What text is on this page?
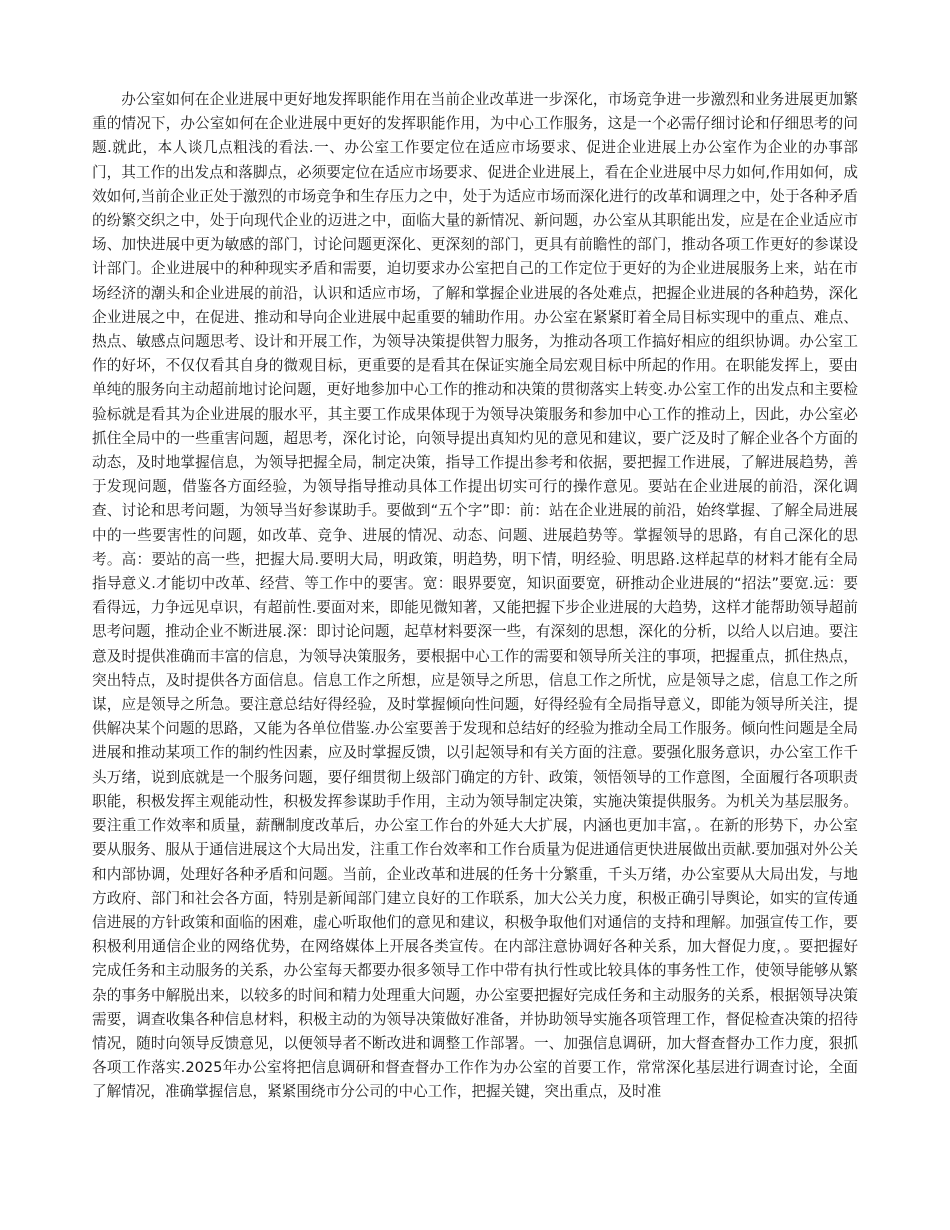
办公室如何在企业进展中更好地发挥职能作用在当前企业改革进一步深化，市场竞争进一步激烈和业务进展更加繁重的情况下，办公室如何在企业进展中更好的发挥职能作用，为中心工作服务，这是一个必需仔细讨论和仔细思考的问题.就此，本人谈几点粗浅的看法.一、办公室工作要定位在适应市场要求、促进企业进展上办公室作为企业的办事部门，其工作的出发点和落脚点，必须要定位在适应市场要求、促进企业进展上，看在企业进展中尽力如何,作用如何，成效如何,当前企业正处于激烈的市场竞争和生存压力之中，处于为适应市场而深化进行的改革和调理之中，处于各种矛盾的纷繁交织之中，处于向现代企业的迈进之中，面临大量的新情况、新问题，办公室从其职能出发，应是在企业适应市场、加快进展中更为敏感的部门，讨论问题更深化、更深刻的部门，更具有前瞻性的部门，推动各项工作更好的参谋设计部门。企业进展中的种种现实矛盾和需要，迫切要求办公室把自己的工作定位于更好的为企业进展服务上来，站在市场经济的潮头和企业进展的前沿，认识和适应市场，了解和掌握企业进展的各处难点，把握企业进展的各种趋势，深化企业进展之中，在促进、推动和导向企业进展中起重要的辅助作用。办公室在紧紧盯着全局目标实现中的重点、难点、热点、敏感点问题思考、设计和开展工作，为领导决策提供智力服务，为推动各项工作搞好相应的组织协调。办公室工作的好坏，不仅仅看其自身的微观目标，更重要的是看其在保证实施全局宏观目标中所起的作用。在职能发挥上，要由单纯的服务向主动超前地讨论问题，更好地参加中心工作的推动和决策的贯彻落实上转变.办公室工作的出发点和主要检验标就是看其为企业进展的服水平，其主要工作成果体现于为领导决策服务和参加中心工作的推动上，因此，办公室必抓住全局中的一些重害问题，超思考，深化讨论，向领导提出真知灼见的意见和建议，要广泛及时了解企业各个方面的动态，及时地掌握信息，为领导把握全局，制定决策，指导工作提出参考和依据，要把握工作进展，了解进展趋势，善于发现问题，借鉴各方面经验，为领导指导推动具体工作提出切实可行的操作意见。要站在企业进展的前沿，深化调查、讨论和思考问题，为领导当好参谋助手。要做到“五个字”即：前：站在企业进展的前沿，始终掌握、了解全局进展中的一些要害性的问题，如改革、竞争、进展的情况、动态、问题、进展趋势等。掌握领导的思路，有自己深化的思考。高：要站的高一些，把握大局.要明大局，明政策，明趋势，明下情，明经验、明思路.这样起草的材料才能有全局指导意义.才能切中改革、经营、等工作中的要害。宽：眼界要宽，知识面要宽，研推动企业进展的“招法”要宽.远：要看得远，力争远见卓识，有超前性.要面对来，即能见微知著，又能把握下步企业进展的大趋势，这样才能帮助领导超前思考问题，推动企业不断进展.深：即讨论问题，起草材料要深一些，有深刻的思想，深化的分析，以给人以启迪。要注意及时提供准确而丰富的信息，为领导决策服务，要根据中心工作的需要和领导所关注的事项，把握重点，抓住热点，突出特点，及时提供各方面信息。信息工作之所想，应是领导之所思，信息工作之所忧，应是领导之虑，信息工作之所谋，应是领导之所急。要注意总结好得经验，及时掌握倾向性问题，好得经验有全局指导意义，即能为领导所关注，提供解决某个问题的思路，又能为各单位借鉴.办公室要善于发现和总结好的经验为推动全局工作服务。倾向性问题是全局进展和推动某项工作的制约性因素，应及时掌握反馈，以引起领导和有关方面的注意。要强化服务意识，办公室工作千头万绪，说到底就是一个服务问题，要仔细贯彻上级部门确定的方针、政策，领悟领导的工作意图，全面履行各项职责职能，积极发挥主观能动性，积极发挥参谋助手作用，主动为领导制定决策，实施决策提供服务。为机关为基层服务。要注重工作效率和质量，薪酬制度改革后，办公室工作台的外延大大扩展，内涵也更加丰富，。在新的形势下，办公室要从服务、服从于通信进展这个大局出发，注重工作台效率和工作台质量为促进通信更快进展做出贡献.要加强对外公关和内部协调，处理好各种矛盾和问题。当前，企业改革和进展的任务十分繁重，千头万绪，办公室要从大局出发，与地方政府、部门和社会各方面，特别是新闻部门建立良好的工作联系，加大公关力度，积极正确引导舆论，如实的宣传通信进展的方针政策和面临的困难，虚心听取他们的意见和建议，积极争取他们对通信的支持和理解。加强宣传工作，要积极利用通信企业的网络优势，在网络媒体上开展各类宣传。在内部注意协调好各种关系，加大督促力度，。要把握好完成任务和主动服务的关系，办公室每天都要办很多领导工作中带有执行性或比较具体的事务性工作，使领导能够从繁杂的事务中解脱出来，以较多的时间和精力处理重大问题，办公室要把握好完成任务和主动服务的关系，根据领导决策需要，调查收集各种信息材料，积极主动的为领导决策做好准备，并协助领导实施各项管理工作，督促检查决策的招待情况，随时向领导反馈意见，以便领导者不断改进和调整工作部署。一、加强信息调研，加大督查督办工作力度，狠抓各项工作落实.2025年办公室将把信息调研和督查督办工作作为办公室的首要工作，常常深化基层进行调查讨论，全面了解情况，准确掌握信息，紧紧围绕市分公司的中心工作，把握关键，突出重点，及时准
